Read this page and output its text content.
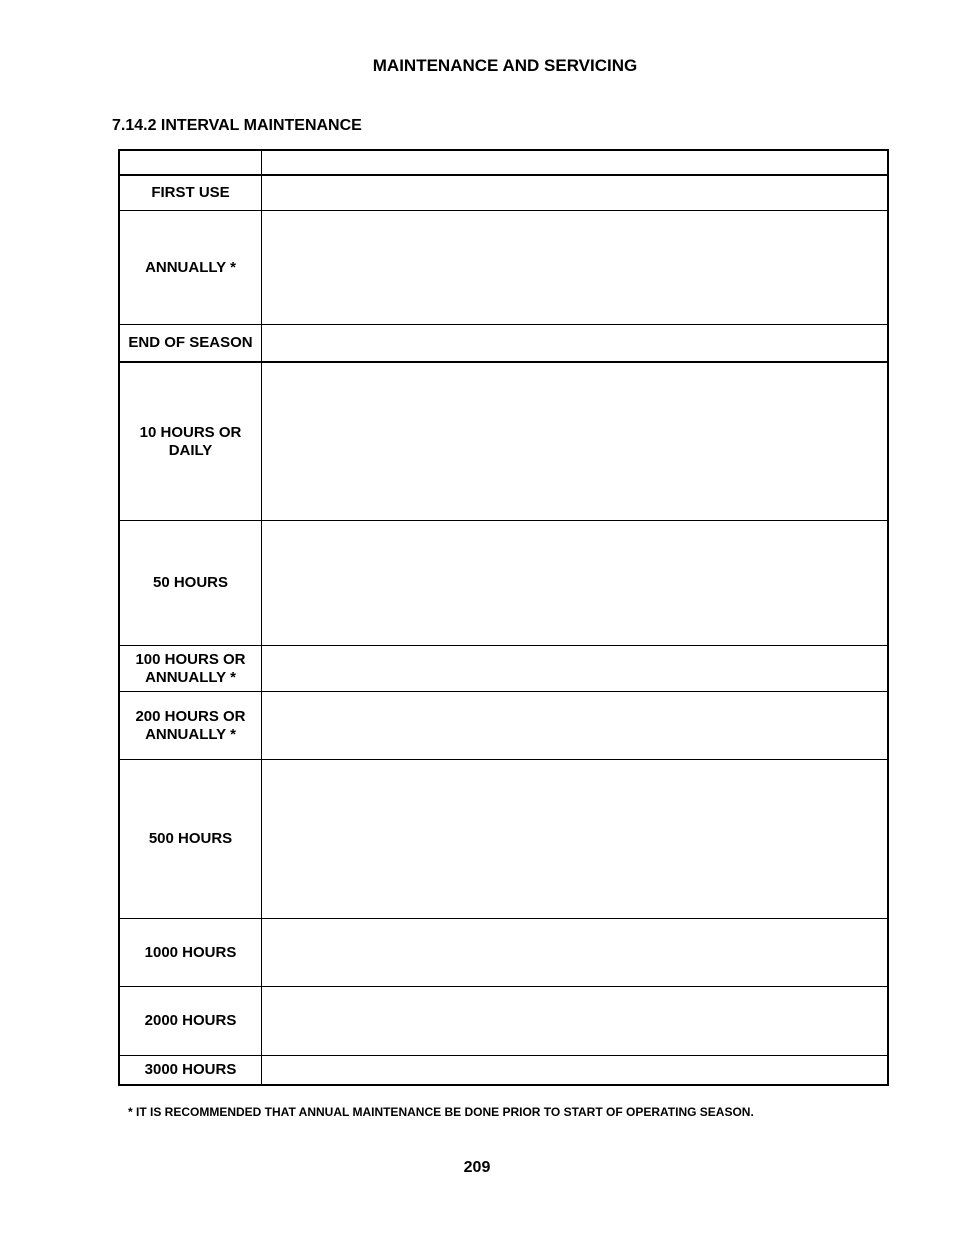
MAINTENANCE AND SERVICING
7.14.2 INTERVAL MAINTENANCE
FIRST USE
ANNUALLY *
END OF SEASON
10 HOURS OR DAILY
50 HOURS
100 HOURS OR ANNUALLY *
200 HOURS OR ANNUALLY *
500 HOURS
1000 HOURS
2000 HOURS
3000 HOURS
* IT IS RECOMMENDED THAT ANNUAL MAINTENANCE BE DONE PRIOR TO START OF OPERATING SEASON.
209
